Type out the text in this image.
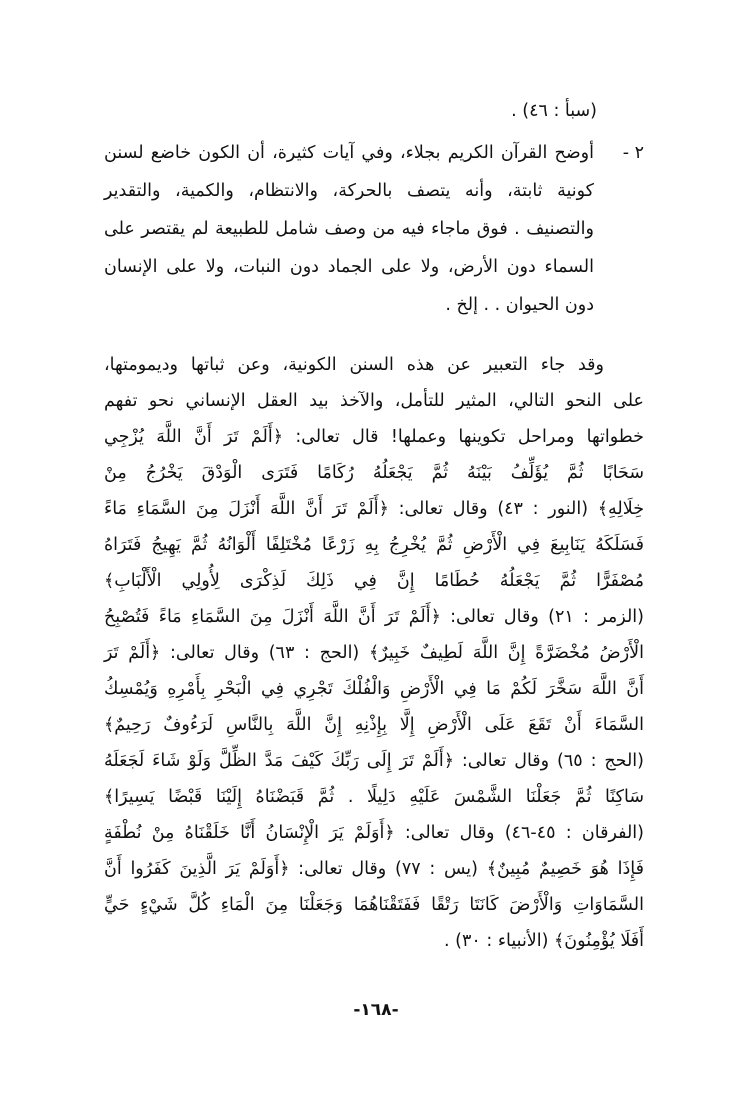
(سبأ : ٤٦) .
٢ -
أوضح القرآن الكريم بجلاء، وفي آيات كثيرة، أن الكون خاضع لسنن
كونية ثابتة، وأنه يتصف بالحركة، والانتظام، والكمية، والتقدير
والتصنيف . فوق ماجاء فيه من وصف شامل للطبيعة لم يقتصر على
السماء دون الأرض، ولا على الجماد دون النبات، ولا على الإنسان
دون الحيوان . . إلخ .
وقد جاء التعبير عن هذه السنن الكونية، وعن ثباتها وديمومتها،
على النحو التالي، المثير للتأمل، والآخذ بيد العقل الإنساني نحو تفهم
خطواتها ومراحل تكوينها وعملها! قال تعالى: ﴿أَلَمْ تَرَ أَنَّ اللَّهَ يُزْجِي
سَحَابًا ثُمَّ يُؤَلِّفُ بَيْنَهُ ثُمَّ يَجْعَلُهُ رُكَامًا فَتَرَى الْوَدْقَ يَخْرُجُ مِنْ
خِلَالِهِ﴾ (النور : ٤٣) وقال تعالى: ﴿أَلَمْ تَرَ أَنَّ اللَّهَ أَنْزَلَ مِنَ السَّمَاءِ مَاءً
فَسَلَكَهُ يَنَابِيعَ فِي الْأَرْضِ ثُمَّ يُخْرِجُ بِهِ زَرْعًا مُخْتَلِفًا أَلْوَانُهُ ثُمَّ يَهِيجُ فَتَرَاهُ
مُصْفَرًّا ثُمَّ يَجْعَلُهُ حُطَامًا إِنَّ فِي ذَلِكَ لَذِكْرَى لِأُولِي الْأَلْبَابِ﴾
(الزمر : ٢١) وقال تعالى: ﴿أَلَمْ تَرَ أَنَّ اللَّهَ أَنْزَلَ مِنَ السَّمَاءِ مَاءً فَتُصْبِحُ
الْأَرْضُ مُخْضَرَّةً إِنَّ اللَّهَ لَطِيفٌ خَبِيرٌ﴾ (الحج : ٦٣) وقال تعالى: ﴿أَلَمْ تَرَ
أَنَّ اللَّهَ سَخَّرَ لَكُمْ مَا فِي الْأَرْضِ وَالْفُلْكَ تَجْرِي فِي الْبَحْرِ بِأَمْرِهِ وَيُمْسِكُ
السَّمَاءَ أَنْ تَقَعَ عَلَى الْأَرْضِ إِلَّا بِإِذْنِهِ إِنَّ اللَّهَ بِالنَّاسِ لَرَءُوفٌ رَحِيمٌ﴾
(الحج : ٦٥) وقال تعالى: ﴿أَلَمْ تَرَ إِلَى رَبِّكَ كَيْفَ مَدَّ الظِّلَّ وَلَوْ شَاءَ لَجَعَلَهُ
سَاكِنًا ثُمَّ جَعَلْنَا الشَّمْسَ عَلَيْهِ دَلِيلًا . ثُمَّ قَبَضْنَاهُ إِلَيْنَا قَبْضًا يَسِيرًا﴾
(الفرقان : ٤٥-٤٦) وقال تعالى: ﴿أَوَلَمْ يَرَ الْإِنْسَانُ أَنَّا خَلَقْنَاهُ مِنْ نُطْفَةٍ
فَإِذَا هُوَ خَصِيمٌ مُبِينٌ﴾ (يس : ٧٧) وقال تعالى: ﴿أَوَلَمْ يَرَ الَّذِينَ كَفَرُوا أَنَّ
السَّمَاوَاتِ وَالْأَرْضَ كَانَتَا رَتْقًا فَفَتَقْنَاهُمَا وَجَعَلْنَا مِنَ الْمَاءِ كُلَّ شَيْءٍ حَيٍّ
أَفَلَا يُؤْمِنُونَ﴾ (الأنبياء : ٣٠) .
-١٦٨-
